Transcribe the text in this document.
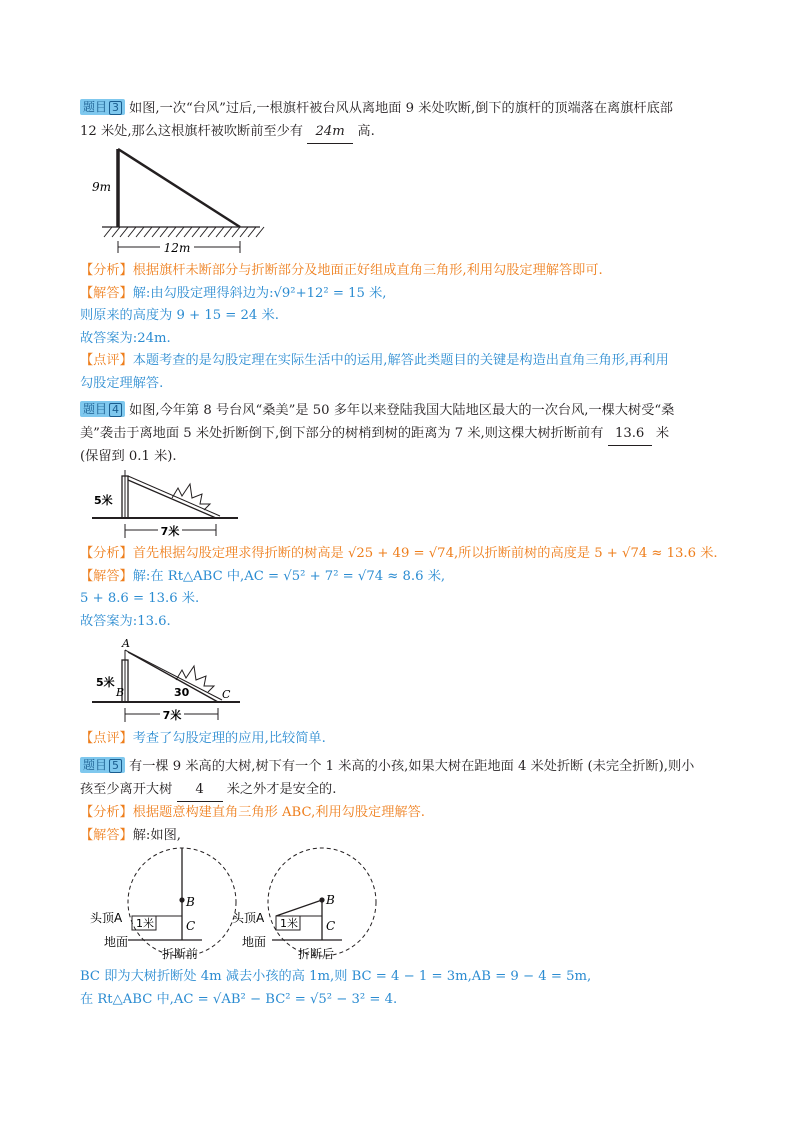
题目 3 如图,一次“台风”过后,一根旗杆被台风从离地面 9 米处吹断,倒下的旗杆的顶端落在离旗杆底部
12 米处,那么这根旗杆被吹断前至少有 24m 高.
12m
9m
【分析】根据旗杆未断部分与折断部分及地面正好组成直角三角形,利用勾股定理解答即可.
【解答】解:由勾股定理得斜边为:√9²+12² = 15 米,
则原来的高度为 9 + 15 = 24 米.
故答案为:24m.
【点评】本题考查的是勾股定理在实际生活中的运用,解答此类题目的关键是构造出直角三角形,再利用
勾股定理解答.
题目 4 如图,今年第 8 号台风“桑美”是 50 多年以来登陆我国大陆地区最大的一次台风,一棵大树受“桑
美”袭击于离地面 5 米处折断倒下,倒下部分的树梢到树的距离为 7 米,则这棵大树折断前有 13.6 米
(保留到 0.1 米).
7米
5米
【分析】首先根据勾股定理求得折断的树高是 √25 + 49 = √74,所以折断前树的高度是 5 + √74 ≈ 13.6 米.
【解答】解:在 Rt△ABC 中,AC = √5² + 7² = √74 ≈ 8.6 米,
5 + 8.6 = 13.6 米.
故答案为:13.6.
A
B	C
30
5米
7米
【点评】考查了勾股定理的应用,比较简单.
题目 5 有一棵 9 米高的大树,树下有一个 1 米高的小孩,如果大树在距地面 4 米处折断 (未完全折断),则小
孩至少离开大树 4 米之外才是安全的.
【分析】根据题意构建直角三角形 ABC,利用勾股定理解答.
【解答】解:如图,
头顶A 1米
B
C
地面
折断前
头顶A 1米
B
C
地面
折断后
BC 即为大树折断处 4m 减去小孩的高 1m,则 BC = 4 − 1 = 3m,AB = 9 − 4 = 5m,
在 Rt△ABC 中,AC = √AB² − BC² = √5² − 3² = 4.
